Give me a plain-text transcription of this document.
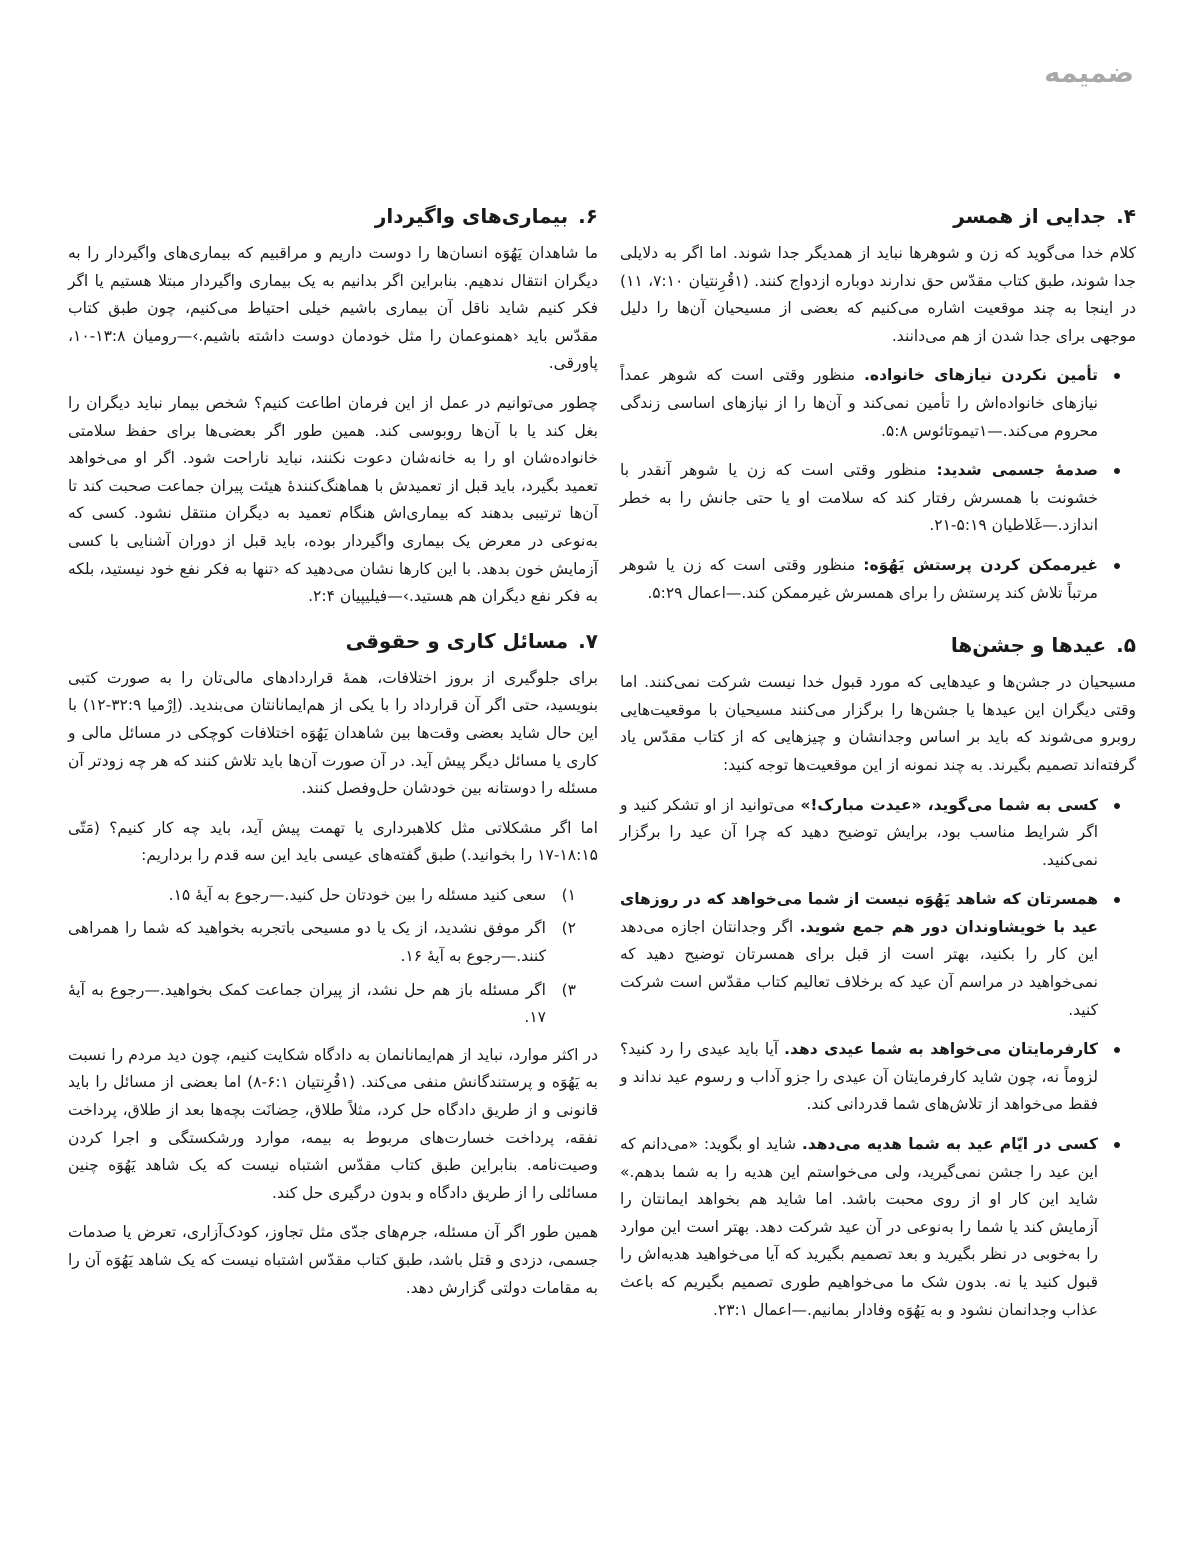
ضمیمه
۴.جدایی از همسر

کلام خدا می‌گوید که زن و شوهرها نباید از همدیگر جدا شوند. اما اگر به دلایلی جدا شوند، طبق کتاب مقدّس حق ندارند دوباره ازدواج کنند. (۱قُرِنتیان ۷:۱۰، ۱۱) در اینجا به چند موقعیت اشاره می‌کنیم که بعضی از مسیحیان آن‌ها را دلیل موجهی برای جدا شدن از هم می‌دانند.

تأمین نکردن نیازهای خانواده. منظور وقتی است که شوهر عمداً نیازهای خانواده‌اش را تأمین نمی‌کند و آن‌ها را از نیازهای اساسی زندگی محروم می‌کند.—۱تیموتائوس ۵:۸.
صدمهٔ جسمی شدید: منظور وقتی است که زن یا شوهر آنقدر با خشونت با همسرش رفتار کند که سلامت او یا حتی جانش را به خطر اندازد.—غَلاطیان ۵:۱۹-۲۱.
غیرممکن کردن پرستش یَهُوَه: منظور وقتی است که زن یا شوهر مرتباً تلاش کند پرستش را برای همسرش غیرممکن کند.—اعمال ۵:۲۹.
۵.عیدها و جشن‌ها

مسیحیان در جشن‌ها و عیدهایی که مورد قبول خدا نیست شرکت نمی‌کنند. اما وقتی دیگران این عیدها یا جشن‌ها را برگزار می‌کنند مسیحیان با موقعیت‌هایی روبرو می‌شوند که باید بر اساس وجدانشان و چیزهایی که از کتاب مقدّس یاد گرفته‌اند تصمیم بگیرند. به چند نمونه از این موقعیت‌ها توجه کنید:

کسی به شما می‌گوید، «عیدت مبارک!» می‌توانید از او تشکر کنید و اگر شرایط مناسب بود، برایش توضیح دهید که چرا آن عید را برگزار نمی‌کنید.
همسرتان که شاهد یَهُوَه نیست از شما می‌خواهد که در روزهای عید با خویشاوندان دور هم جمع شوید. اگر وجدانتان اجازه می‌دهد این کار را بکنید، بهتر است از قبل برای همسرتان توضیح دهید که نمی‌خواهید در مراسم آن عید که برخلاف تعالیم کتاب مقدّس است شرکت کنید.
کارفرمایتان می‌خواهد به شما عیدی دهد. آیا باید عیدی را رد کنید؟ لزوماً نه، چون شاید کارفرمایتان آن عیدی را جزو آداب و رسوم عید نداند و فقط می‌خواهد از تلاش‌های شما قدردانی کند.
کسی در ایّام عید به شما هدیه می‌دهد. شاید او بگوید: «می‌دانم که این عید را جشن نمی‌گیرید، ولی می‌خواستم این هدیه را به شما بدهم.» شاید این کار او از روی محبت باشد. اما شاید هم بخواهد ایمانتان را آزمایش کند یا شما را به‌نوعی در آن عید شرکت دهد. بهتر است این موارد را به‌خوبی در نظر بگیرید و بعد تصمیم بگیرید که آیا می‌خواهید هدیه‌اش را قبول کنید یا نه. بدون شک ما می‌خواهیم طوری تصمیم بگیریم که باعث عذاب وجدانمان نشود و به یَهُوَه وفادار بمانیم.—اعمال ۲۳:۱.
۶.بیماری‌های واگیردار

ما شاهدان یَهُوَه انسان‌ها را دوست داریم و مراقبیم که بیماری‌های واگیردار را به دیگران انتقال ندهیم. بنابراین اگر بدانیم به یک بیماری واگیردار مبتلا هستیم یا اگر فکر کنیم شاید ناقل آن بیماری باشیم خیلی احتیاط می‌کنیم، چون طبق کتاب مقدّس باید ‹همنوعمان را مثل خودمان دوست داشته باشیم.›—رومیان ۱۳:۸-۱۰، پاورقی.

چطور می‌توانیم در عمل از این فرمان اطاعت کنیم؟ شخص بیمار نباید دیگران را بغل کند یا با آن‌ها روبوسی کند. همین طور اگر بعضی‌ها برای حفظ سلامتی خانواده‌شان او را به خانه‌شان دعوت نکنند، نباید ناراحت شود. اگر او می‌خواهد تعمید بگیرد، باید قبل از تعمیدش با هماهنگ‌کنندهٔ هیئت پیران جماعت صحبت کند تا آن‌ها ترتیبی بدهند که بیماری‌اش هنگام تعمید به دیگران منتقل نشود. کسی که به‌نوعی در معرض یک بیماری واگیردار بوده، باید قبل از دوران آشنایی با کسی آزمایش خون بدهد. با این کارها نشان می‌دهید که ‹تنها به فکر نفع خود نیستید، بلکه به فکر نفع دیگران هم هستید.›—فیلیپیان ۲:۴.

۷.مسائل کاری و حقوقی

برای جلوگیری از بروز اختلافات، همهٔ قراردادهای مالی‌تان را به صورت کتبی بنویسید، حتی اگر آن قرارداد را با یکی از هم‌ایمانانتان می‌بندید. (اِرْمیا ۳۲:۹-۱۲) با این حال شاید بعضی وقت‌ها بین شاهدان یَهُوَه اختلافات کوچکی در مسائل مالی و کاری یا مسائل دیگر پیش آید. در آن صورت آن‌ها باید تلاش کنند که هر چه زودتر آن مسئله را دوستانه بین خودشان حل‌وفصل کنند.

اما اگر مشکلاتی مثل کلاهبرداری یا تهمت پیش آید، باید چه کار کنیم؟ (مَتّی ۱۸:۱۵-۱۷ را بخوانید.) طبق گفته‌های عیسی باید این سه قدم را برداریم:

۱)
سعی کنید مسئله را بین خودتان حل کنید.—رجوع به آیهٔ ۱۵.
۲)
اگر موفق نشدید، از یک یا دو مسیحی باتجربه بخواهید که شما را همراهی کنند.—رجوع به آیهٔ ۱۶.
۳)
اگر مسئله باز هم حل نشد، از پیران جماعت کمک بخواهید.—رجوع به آیهٔ ۱۷.

در اکثر موارد، نباید از هم‌ایمانانمان به دادگاه شکایت کنیم، چون دید مردم را نسبت به یَهُوَه و پرستندگانش منفی می‌کند. (۱قُرِنتیان ۶:۱-۸) اما بعضی از مسائل را باید قانونی و از طریق دادگاه حل کرد، مثلاً طلاق، حِضانَت بچه‌ها بعد از طلاق، پرداخت نفقه، پرداخت خسارت‌های مربوط به بیمه، موارد ورشکستگی و اجرا کردن وصیت‌نامه. بنابراین طبق کتاب مقدّس اشتباه نیست که یک شاهد یَهُوَه چنین مسائلی را از طریق دادگاه و بدون درگیری حل کند.

همین طور اگر آن مسئله، جرم‌های جدّی مثل تجاوز، کودک‌آزاری، تعرض یا صدمات جسمی، دزدی و قتل باشد، طبق کتاب مقدّس اشتباه نیست که یک شاهد یَهُوَه آن را به مقامات دولتی گزارش دهد.
